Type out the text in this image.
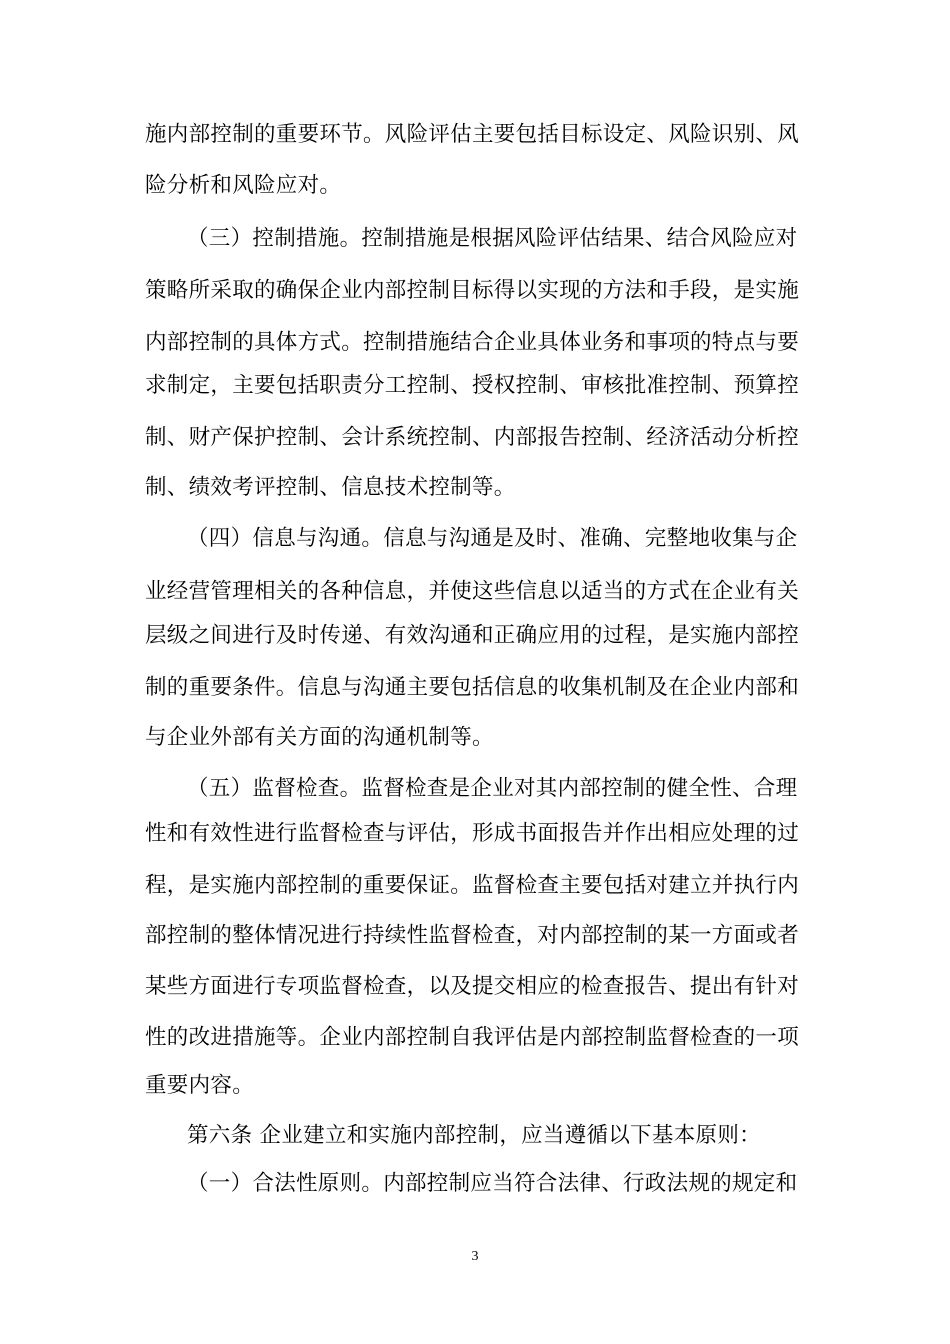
施内部控制的重要环节。风险评估主要包括目标设定、风险识别、风
险分析和风险应对。
（三）控制措施。控制措施是根据风险评估结果、结合风险应对
策略所采取的确保企业内部控制目标得以实现的方法和手段，是实施
内部控制的具体方式。控制措施结合企业具体业务和事项的特点与要
求制定，主要包括职责分工控制、授权控制、审核批准控制、预算控
制、财产保护控制、会计系统控制、内部报告控制、经济活动分析控
制、绩效考评控制、信息技术控制等。
（四）信息与沟通。信息与沟通是及时、准确、完整地收集与企
业经营管理相关的各种信息，并使这些信息以适当的方式在企业有关
层级之间进行及时传递、有效沟通和正确应用的过程，是实施内部控
制的重要条件。信息与沟通主要包括信息的收集机制及在企业内部和
与企业外部有关方面的沟通机制等。
（五）监督检查。监督检查是企业对其内部控制的健全性、合理
性和有效性进行监督检查与评估，形成书面报告并作出相应处理的过
程，是实施内部控制的重要保证。监督检查主要包括对建立并执行内
部控制的整体情况进行持续性监督检查，对内部控制的某一方面或者
某些方面进行专项监督检查，以及提交相应的检查报告、提出有针对
性的改进措施等。企业内部控制自我评估是内部控制监督检查的一项
重要内容。
第六条 企业建立和实施内部控制，应当遵循以下基本原则：
（一）合法性原则。内部控制应当符合法律、行政法规的规定和
3
